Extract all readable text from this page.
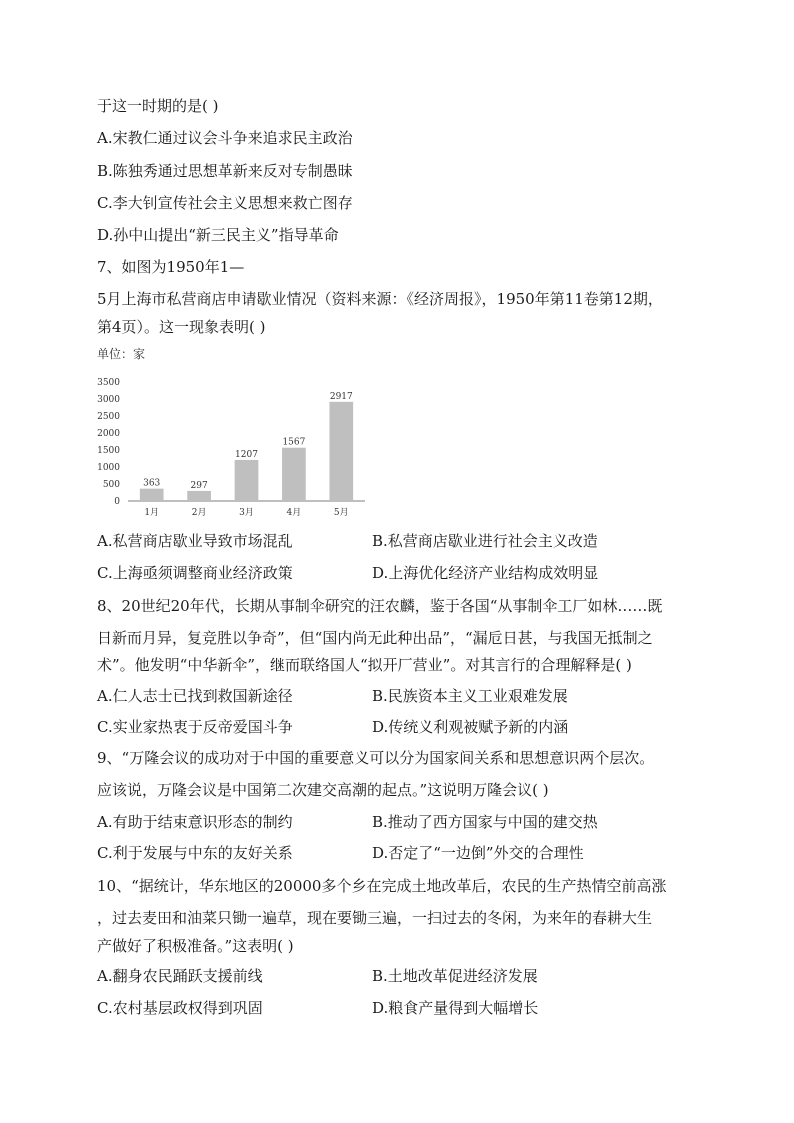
于这一时期的是( )
A.宋教仁通过议会斗争来追求民主政治
B.陈独秀通过思想革新来反对专制愚昧
C.李大钊宣传社会主义思想来救亡图存
D.孙中山提出“新三民主义”指导革命
7、如图为1950年1—
5月上海市私营商店申请歇业情况（资料来源：《经济周报》，1950年第11卷第12期，
第4页）。这一现象表明( )
单位：家
0
500
1000
1500
2000
2500
3000
3500
363
1月
297
2月
1207
3月
1567
4月
2917
5月
A.私营商店歇业导致市场混乱	B.私营商店歇业进行社会主义改造
C.上海亟须调整商业经济政策	D.上海优化经济产业结构成效明显
8、20世纪20年代，长期从事制伞研究的汪农麟，鉴于各国“从事制伞工厂如林……既
日新而月异，复竞胜以争奇”，但“国内尚无此种出品”，“漏卮日甚，与我国无抵制之
术”。他发明“中华新伞”，继而联络国人“拟开厂营业”。对其言行的合理解释是( )
A.仁人志士已找到救国新途径	B.民族资本主义工业艰难发展
C.实业家热衷于反帝爱国斗争	D.传统义利观被赋予新的内涵
9、“万隆会议的成功对于中国的重要意义可以分为国家间关系和思想意识两个层次。
应该说，万隆会议是中国第二次建交高潮的起点。”这说明万隆会议( )
A.有助于结束意识形态的制约	B.推动了西方国家与中国的建交热
C.利于发展与中东的友好关系	D.否定了“一边倒”外交的合理性
10、“据统计，华东地区的20000多个乡在完成土地改革后，农民的生产热情空前高涨
，过去麦田和油菜只锄一遍草，现在要锄三遍，一扫过去的冬闲，为来年的春耕大生
产做好了积极准备。”这表明( )
A.翻身农民踊跃支援前线	B.土地改革促进经济发展
C.农村基层政权得到巩固	D.粮食产量得到大幅增长
